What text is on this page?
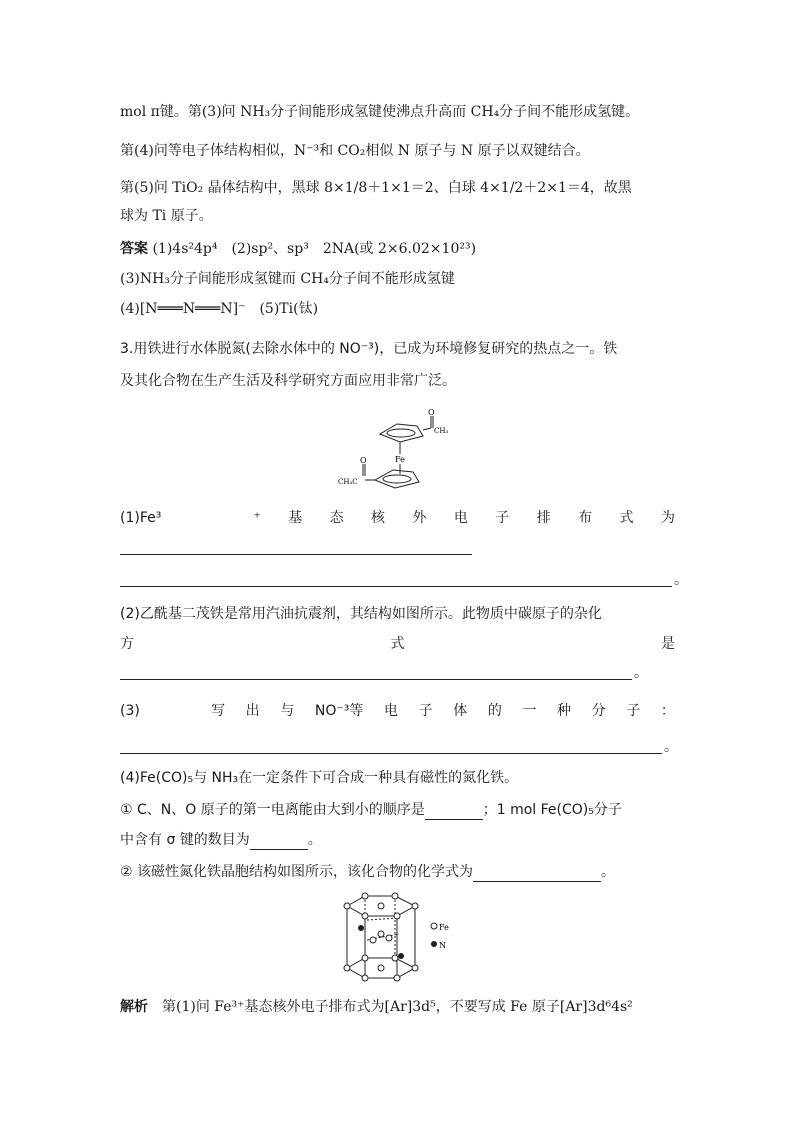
mol π键。第(3)问 NH₃分子间能形成氢键使沸点升高而 CH₄分子间不能形成氢键。
第(4)问等电子体结构相似，N⁻³和 CO₂相似 N 原子与 N 原子以双键结合。
第(5)问 TiO₂ 晶体结构中，黑球 8×1/8＋1×1＝2、白球 4×1/2＋2×1＝4，故黑
球为 Ti 原子。
答案 (1)4s²4p⁴　(2)sp²、sp³　2NA(或 2×6.02×10²³)
(3)NH₃分子间能形成氢键而 CH₄分子间不能形成氢键
(4)[N═══N═══N]⁻　(5)Ti(钛)
3.用铁进行水体脱氮(去除水体中的 NO⁻³)，已成为环境修复研究的热点之一。铁
及其化合物在生产生活及科学研究方面应用非常广泛。
O
CH₃
Fe
O
CH₃C
(1)Fe³	⁺ 基 态 核 外 电 子 排 布 式 为
。
(2)乙酰基二茂铁是常用汽油抗震剂，其结构如图所示。此物质中碳原子的杂化
方	式	是
。
(3)	写 出 与 NO⁻³等 电 子 体 的 一 种 分 子 ：
。
(4)Fe(CO)₅与 NH₃在一定条件下可合成一种具有磁性的氮化铁。
① C、N、O 原子的第一电离能由大到小的顺序是	；1 mol Fe(CO)₅分子
中含有 σ 键的数目为	。
② 该磁性氮化铁晶胞结构如图所示，该化合物的化学式为	。
Fe
N
解析　 第(1)问 Fe³⁺基态核外电子排布式为[Ar]3d⁵，不要写成 Fe 原子[Ar]3d⁶4s²
